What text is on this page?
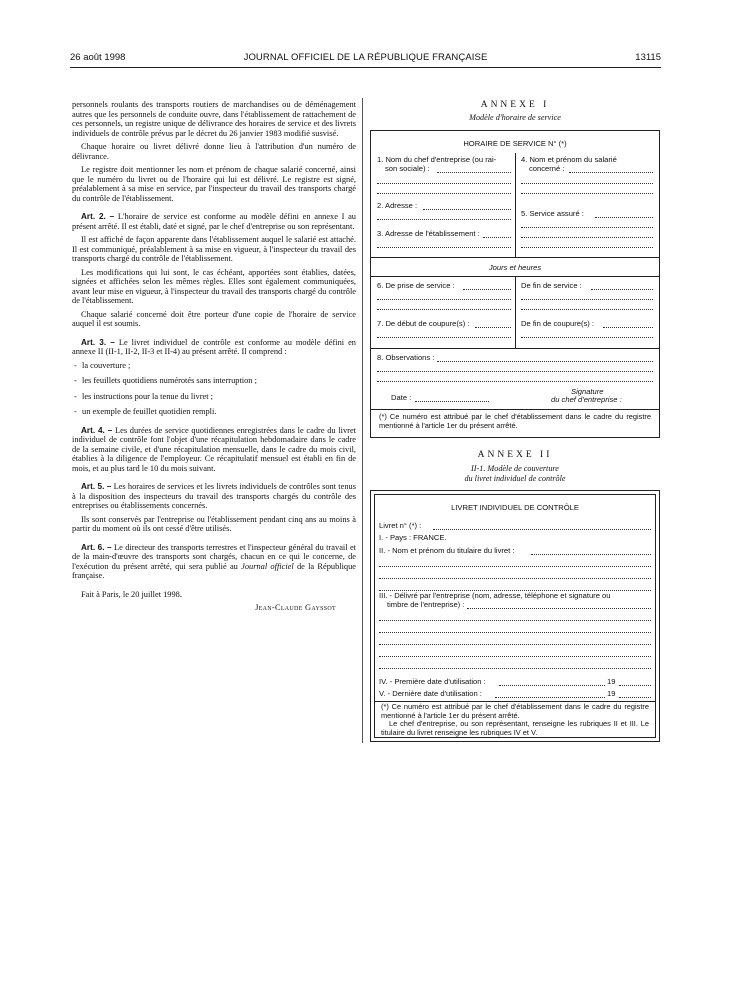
26 août 1998	JOURNAL OFFICIEL DE LA RÉPUBLIQUE FRANÇAISE	13115

personnels roulants des transports routiers de marchandises ou de déménagement autres que les personnels de conduite ouvre, dans l'établissement de rattachement de ces personnels, un registre unique de délivrance des horaires de service et des livrets individuels de contrôle prévus par le décret du 26 janvier 1983 modifié susvisé.

Chaque horaire ou livret délivré donne lieu à l'attribution d'un numéro de délivrance.

Le registre doit mentionner les nom et prénom de chaque salarié concerné, ainsi que le numéro du livret ou de l'horaire qui lui est délivré. Le registre est signé, préalablement à sa mise en service, par l'inspecteur du travail des transports chargé du contrôle de l'établissement.

Art. 2. – L'horaire de service est conforme au modèle défini en annexe I au présent arrêté. Il est établi, daté et signé, par le chef d'entreprise ou son représentant.

Il est affiché de façon apparente dans l'établissement auquel le salarié est attaché. Il est communiqué, préalablement à sa mise en vigueur, à l'inspecteur du travail des transports chargé du contrôle de l'établissement.

Les modifications qui lui sont, le cas échéant, apportées sont établies, datées, signées et affichées selon les mêmes règles. Elles sont également communiquées, avant leur mise en vigueur, à l'inspecteur du travail des transports chargé du contrôle de l'établissement.

Chaque salarié concerné doit être porteur d'une copie de l'horaire de service auquel il est soumis.

Art. 3. – Le livret individuel de contrôle est conforme au modèle défini en annexe II (II-1, II-2, II-3 et II-4) au présent arrêté. Il comprend :

- la couverture ;

- les feuillets quotidiens numérotés sans interruption ;

- les instructions pour la tenue du livret ;

- un exemple de feuillet quotidien rempli.

Art. 4. – Les durées de service quotidiennes enregistrées dans le cadre du livret individuel de contrôle font l'objet d'une récapitulation hebdomadaire dans le cadre de la semaine civile, et d'une récapitulation mensuelle, dans le cadre du mois civil, établies à la diligence de l'employeur. Ce récapitulatif mensuel est établi en fin de mois, et au plus tard le 10 du mois suivant.

Art. 5. – Les horaires de services et les livrets individuels de contrôles sont tenus à la disposition des inspecteurs du travail des transports chargés du contrôle des entreprises ou établissements concernés.

Ils sont conservés par l'entreprise ou l'établissement pendant cinq ans au moins à partir du moment où ils ont cessé d'être utilisés.

Art. 6. – Le directeur des transports terrestres et l'inspecteur général du travail et de la main-d'œuvre des transports sont chargés, chacun en ce qui le concerne, de l'exécution du présent arrêté, qui sera publié au Journal officiel de la République française.

Fait à Paris, le 20 juillet 1998.

Jean-Claude Gayssot

ANNEXE I
Modèle d'horaire de service
HORAIRE DE SERVICE N° (*)
1. Nom du chef d'entreprise (ou rai-
son sociale) :
4. Nom et prénom du salarié
concerné :
2. Adresse :
5. Service assuré :
3. Adresse de l'établissement :
Jours et heures
6. De prise de service :	De fin de service :
7. De début de coupure(s) :	De fin de coupure(s) :
8. Observations :
Date :
Signature
du chef d'entreprise :
(*) Ce numéro est attribué par le chef d'établissement dans le cadre du registre mentionné à l'article 1er du présent arrêté.
ANNEXE II
II-1. Modèle de couverture
du livret individuel de contrôle
LIVRET INDIVIDUEL DE CONTRÔLE
Livret n° (*) :
I. - Pays : FRANCE.
II. - Nom et prénom du titulaire du livret :
III. - Délivré par l'entreprise (nom, adresse, téléphone et signature ou
timbre de l'entreprise) :
IV. - Première date d'utilisation :	19
V. - Dernière date d'utilisation :	19
(*) Ce numéro est attribué par le chef d'établissement dans le cadre du registre mentionné à l'article 1er du présent arrêté.
Le chef d'entreprise, ou son représentant, renseigne les rubriques II et III. Le titulaire du livret renseigne les rubriques IV et V.
